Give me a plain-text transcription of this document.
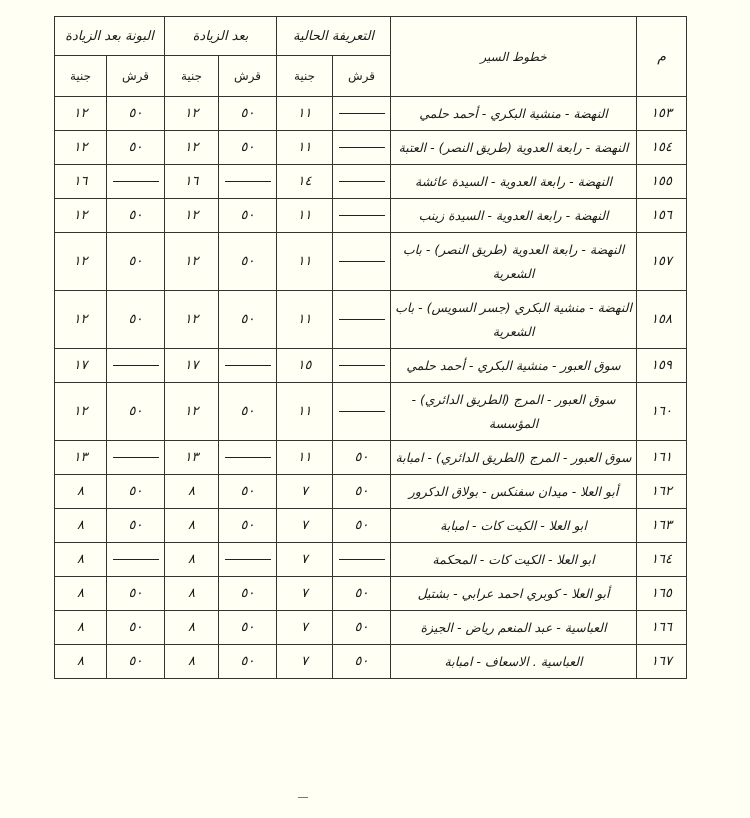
م	خطوط السير	التعريفة الحالية		بعد الزيادة		البونة بعد الزيادة	
		قرش	جنية	قرش	جنية	قرش	جنية
١٥٣	النهضة - منشية البكري - أحمد حلمي		١١	٥٠	١٢	٥٠	١٢
١٥٤	النهضة - رابعة العدوية (طريق النصر) - العتبة		١١	٥٠	١٢	٥٠	١٢
١٥٥	النهضة - رابعة العدوية - السيدة عائشة		١٤		١٦		١٦
١٥٦	النهضة - رابعة العدوية - السيدة زينب		١١	٥٠	١٢	٥٠	١٢
١٥٧	النهضة - رابعة العدوية (طريق النصر) - باب الشعرية		١١	٥٠	١٢	٥٠	١٢
١٥٨	النهضة - منشية البكري (جسر السويس) - باب الشعرية		١١	٥٠	١٢	٥٠	١٢
١٥٩	سوق العبور - منشية البكري - أحمد حلمي		١٥		١٧		١٧
١٦٠	سوق العبور - المرج (الطريق الدائري) - المؤسسة		١١	٥٠	١٢	٥٠	١٢
١٦١	سوق العبور - المرج (الطريق الدائري) - امبابة	٥٠	١١		١٣		١٣
١٦٢	أبو العلا - ميدان سفنكس - بولاق الدكرور	٥٠	٧	٥٠	٨	٥٠	٨
١٦٣	ابو العلا - الكيت كات - امبابة	٥٠	٧	٥٠	٨	٥٠	٨
١٦٤	ابو العلا - الكيت كات - المحكمة		٧		٨		٨
١٦٥	أبو العلا - كوبري احمد عرابي - بشتيل	٥٠	٧	٥٠	٨	٥٠	٨
١٦٦	العباسية - عبد المنعم رياض - الجيزة	٥٠	٧	٥٠	٨	٥٠	٨
١٦٧	العباسية . الاسعاف - امبابة	٥٠	٧	٥٠	٨	٥٠	٨
